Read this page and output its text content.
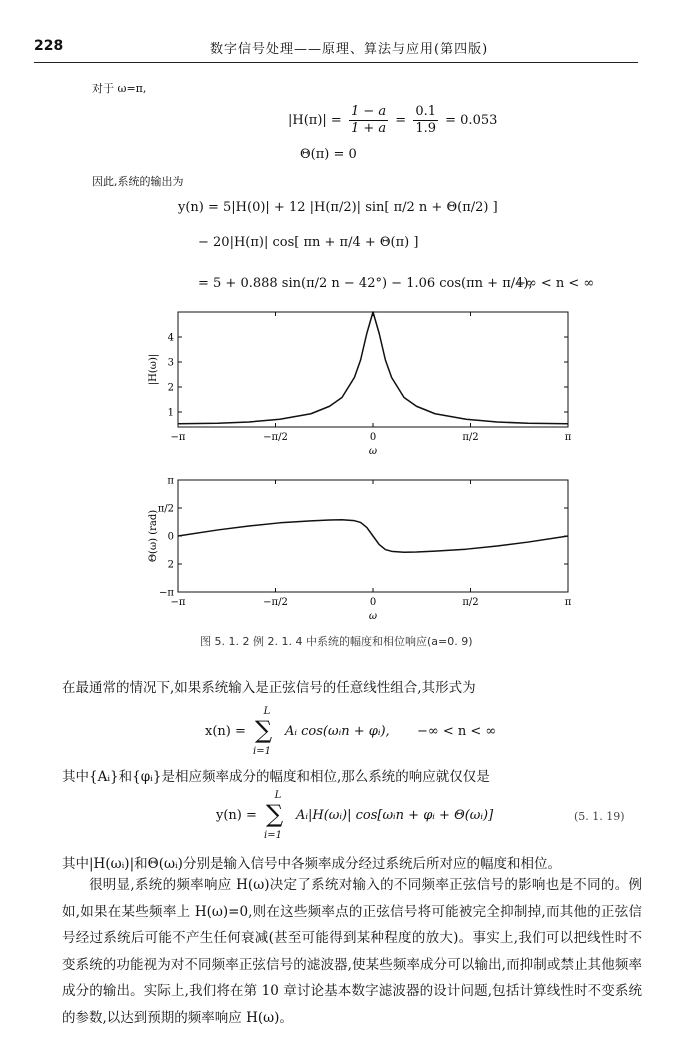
228	数字信号处理——原理、算法与应用(第四版)
对于 ω=π,
$|H(\pi)| = \frac{1 - a}{1 + a} = \frac{0.1}{1.9} = 0.053$
Θ(π) = 0
因此,系统的输出为
y(n) = 5|H(0)| + 12 |H(π/2)| sin[ π/2 n + Θ(π/2) ]
− 20|H(π)| cos[ πn + π/4 + Θ(π) ]
= 5 + 0.888 sin(π/2 n − 42°) − 1.06 cos(πn + π/4),
−∞ < n < ∞
−π	−π/2	0	π/2	π
1
2
3
4
ω
|H(ω)|
−π	−π/2	0	π/2	π
π
π/2
0
2
−π
ω
Θ(ω) (rad)
图 5. 1. 2 例 2. 1. 4 中系统的幅度和相位响应(a=0. 9)
在最通常的情况下,如果系统输入是正弦信号的任意线性组合,其形式为
x(n) =
L
∑
i=1
Aᵢ cos(ωᵢn + φᵢ), −∞ < n < ∞
其中{Aᵢ}和{φᵢ}是相应频率成分的幅度和相位,那么系统的响应就仅仅是
y(n) =
L
∑
i=1
Aᵢ|H(ωᵢ)| cos[ωᵢn + φᵢ + Θ(ωᵢ)]	(5. 1. 19)
其中|H(ωᵢ)|和Θ(ωᵢ)分别是输入信号中各频率成分经过系统后所对应的幅度和相位。
很明显,系统的频率响应 H(ω)决定了系统对输入的不同频率正弦信号的影响也是不同的。例如,如果在某些频率上 H(ω)=0,则在这些频率点的正弦信号将可能被完全抑制掉,而其他的正弦信号经过系统后可能不产生任何衰减(甚至可能得到某种程度的放大)。事实上,我们可以把线性时不变系统的功能视为对不同频率正弦信号的滤波器,使某些频率成分可以输出,而抑制或禁止其他频率成分的输出。实际上,我们将在第 10 章讨论基本数字滤波器的设计问题,包括计算线性时不变系统的参数,以达到预期的频率响应 H(ω)。
